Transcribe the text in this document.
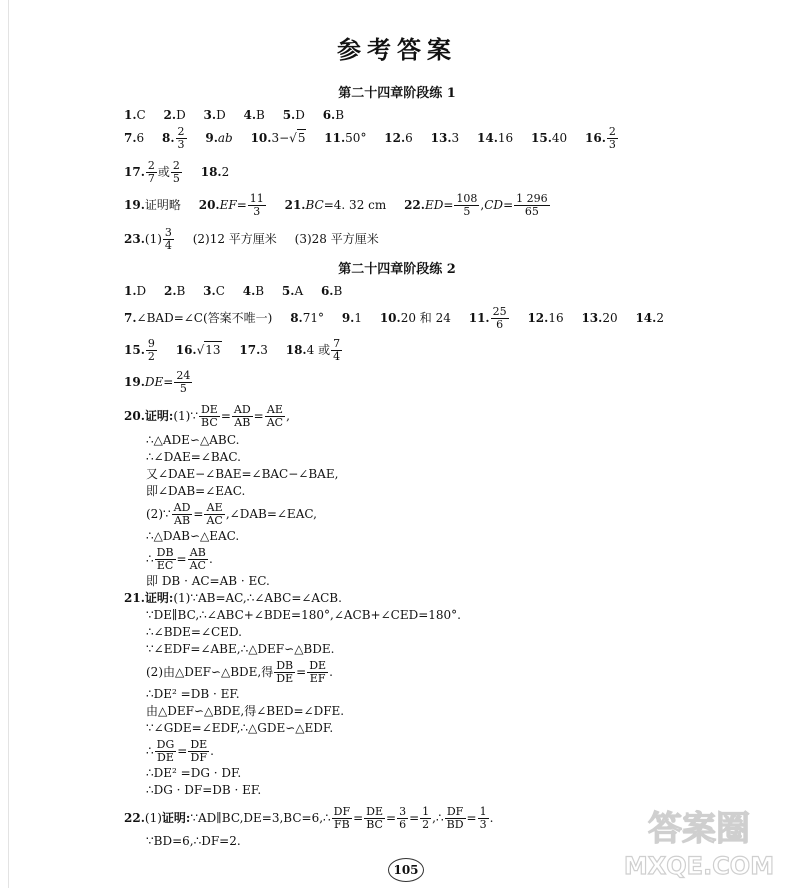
参考答案
第二十四章阶段练 1
1.C 2.D 3.D 4.B 5.D 6.B
7.6 8. $\frac{2}{3} 9.ab$ 10.3−√5 11.50° 12.6 13.3 14.16 15.40 16. $\frac{2}{3}$
17. $\frac{2}{7}$ 或 $\frac{2}{5} 18.2$
19.证明略 $20.EF= \frac{11}{3} 21.BC=4$. 32 cm $22.ED= \frac{108}{5} ,CD= \frac{1 296}{65}$
$23.(1) \frac{3}{4} (2)12$ 平方厘米 (3)28 平方厘米
第二十四章阶段练 2
1.D 2.B 3.C 4.B 5.A 6.B
7.∠BAD=∠C(答案不唯一) 8.71° 9.1 10.20 和 24 11. $\frac{25}{6} 12.16$ 13.20 14.2
15. $\frac{9}{2} 16.√13$ 17.3 18.4 或 $\frac{7}{4}$
$19.DE= \frac{24}{5}$
20.证明:(1)∵ $\frac{DE}{BC} = \frac{AD}{AB} = \frac{AE}{AC}$ ,
∴△ADE∽△ABC.
∴∠DAE=∠BAC.
又∠DAE−∠BAE=∠BAC−∠BAE,
即∠DAB=∠EAC.
(2)∵ $\frac{AD}{AB} = \frac{AE}{AC}$ ,∠DAB=∠EAC,
∴△DAB∽△EAC.
∴ $\frac{DB}{EC} = \frac{AB}{AC}$ .
即 DB · AC=AB · EC.
21.证明:(1)∵AB=AC,∴∠ABC=∠ACB.
∵DE∥BC,∴∠ABC+∠BDE=180°,∠ACB+∠CED=180°.
∴∠BDE=∠CED.
∵∠EDF=∠ABE,∴△DEF∽△BDE.
(2)由△DEF∽△BDE,得 $\frac{DB}{DE} = \frac{DE}{EF}$ .
∴DE² =DB · EF.
由△DEF∽△BDE,得∠BED=∠DFE.
∵∠GDE=∠EDF,∴△GDE∽△EDF.
∴ $\frac{DG}{DE} = \frac{DE}{DF}$ .
∴DE² =DG · DF.
∴DG · DF=DB · EF.
22.(1)证明:∵AD∥BC,DE=3,BC=6,∴ $\frac{DF}{FB} = \frac{DE}{BC} = \frac{3}{6} = \frac{1}{2}$ ,∴ $\frac{DF}{BD} = \frac{1}{3}$ .
∵BD=6,∴DF=2.
105
答案圈
MXQE.COM
